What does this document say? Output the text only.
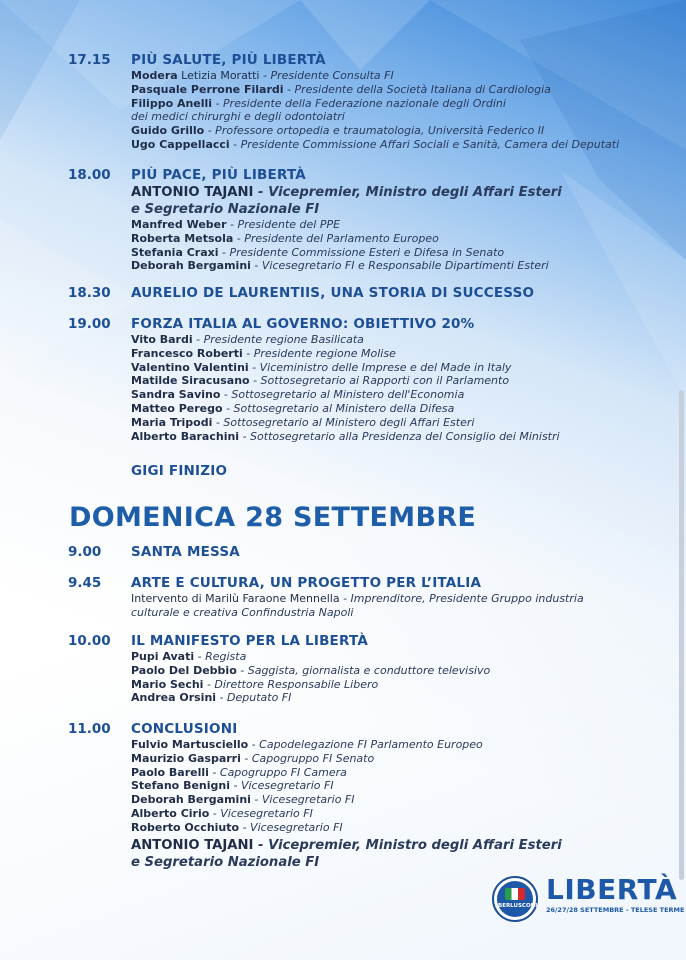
17.15 PIÙ SALUTE, PIÙ LIBERTÀ
Modera Letizia Moratti - Presidente Consulta FI
Pasquale Perrone Filardi - Presidente della Società Italiana di Cardiologia
Filippo Anelli - Presidente della Federazione nazionale degli Ordini
dei medici chirurghi e degli odontoiatri
Guido Grillo - Professore ortopedia e traumatologia, Università Federico II
Ugo Cappellacci - Presidente Commissione Affari Sociali e Sanità, Camera dei Deputati
18.00 PIÙ PACE, PIÙ LIBERTÀ
ANTONIO TAJANI - Vicepremier, Ministro degli Affari Esteri
e Segretario Nazionale FI
Manfred Weber - Presidente del PPE
Roberta Metsola - Presidente del Parlamento Europeo
Stefania Craxi - Presidente Commissione Esteri e Difesa in Senato
Deborah Bergamini - Vicesegretario FI e Responsabile Dipartimenti Esteri
18.30 AURELIO DE LAURENTIIS, UNA STORIA DI SUCCESSO
19.00 FORZA ITALIA AL GOVERNO: OBIETTIVO 20%
Vito Bardi - Presidente regione Basilicata
Francesco Roberti - Presidente regione Molise
Valentino Valentini - Viceministro delle Imprese e del Made in Italy
Matilde Siracusano - Sottosegretario ai Rapporti con il Parlamento
Sandra Savino - Sottosegretario al Ministero dell'Economia
Matteo Perego - Sottosegretario al Ministero della Difesa
Maria Tripodi - Sottosegretario al Ministero degli Affari Esteri
Alberto Barachini - Sottosegretario alla Presidenza del Consiglio dei Ministri
GIGI FINIZIO
DOMENICA 28 SETTEMBRE
9.00 SANTA MESSA
9.45 ARTE E CULTURA, UN PROGETTO PER L’ITALIA
Intervento di Marilù Faraone Mennella - Imprenditore, Presidente Gruppo industria
culturale e creativa Confindustria Napoli
10.00 IL MANIFESTO PER LA LIBERTÀ
Pupi Avati - Regista
Paolo Del Debbio - Saggista, giornalista e conduttore televisivo
Mario Sechi - Direttore Responsabile Libero
Andrea Orsini - Deputato FI
11.00 CONCLUSIONI
Fulvio Martusciello - Capodelegazione FI Parlamento Europeo
Maurizio Gasparri - Capogruppo FI Senato
Paolo Barelli - Capogruppo FI Camera
Stefano Benigni - Vicesegretario FI
Deborah Bergamini - Vicesegretario FI
Alberto Cirio - Vicesegretario FI
Roberto Occhiuto - Vicesegretario FI
ANTONIO TAJANI - Vicepremier, Ministro degli Affari Esteri
e Segretario Nazionale FI
BERLUSCONI LIBERTÀ
26/27/28 SETTEMBRE - TELESE TERME
